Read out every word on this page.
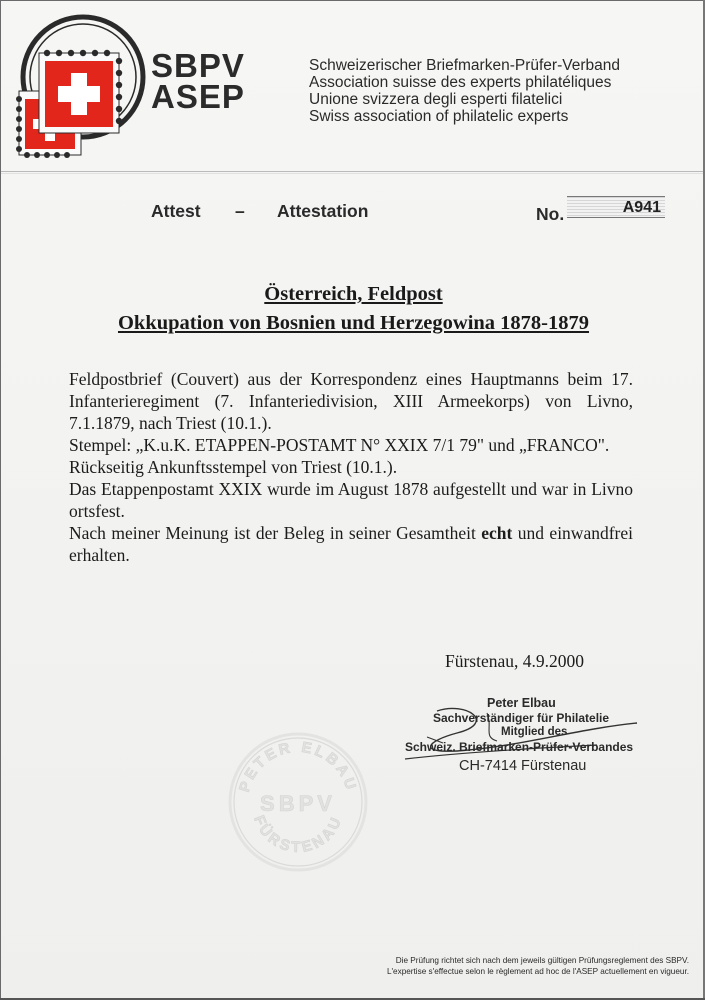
SBPV
ASEP
Schweizerischer Briefmarken-Prüfer-Verband
Association suisse des experts philatéliques
Unione svizzera degli esperti filatelici
Swiss association of philatelic experts
Attest – Attestation	No.	A941
Österreich, Feldpost
Okkupation von Bosnien und Herzegowina 1878-1879

Feldpostbrief (Couvert) aus der Korrespondenz eines Hauptmanns beim 17. Infanterieregiment (7. Infanteriedivision, XIII Armeekorps) von Livno, 7.1.1879, nach Triest (10.1.).

Stempel: „K.u.K. ETAPPEN-POSTAMT N° XXIX 7/1 79" und „FRANCO".

Rückseitig Ankunftsstempel von Triest (10.1.).

Das Etappenpostamt XXIX wurde im August 1878 aufgestellt und war in Livno ortsfest.

Nach meiner Meinung ist der Beleg in seiner Gesamtheit echt und einwandfrei erhalten.

Fürstenau, 4.9.2000
Peter Elbau
Sachverständiger für Philatelie
Mitglied des
Schweiz. Briefmarken-Prüfer-Verbandes
CH-7414 Fürstenau
PETER ELBAU
SBPV
FÜRSTENAU
Die Prüfung richtet sich nach dem jeweils gültigen Prüfungsreglement des SBPV.
L'expertise s'effectue selon le règlement ad hoc de l'ASEP actuellement en vigueur.
